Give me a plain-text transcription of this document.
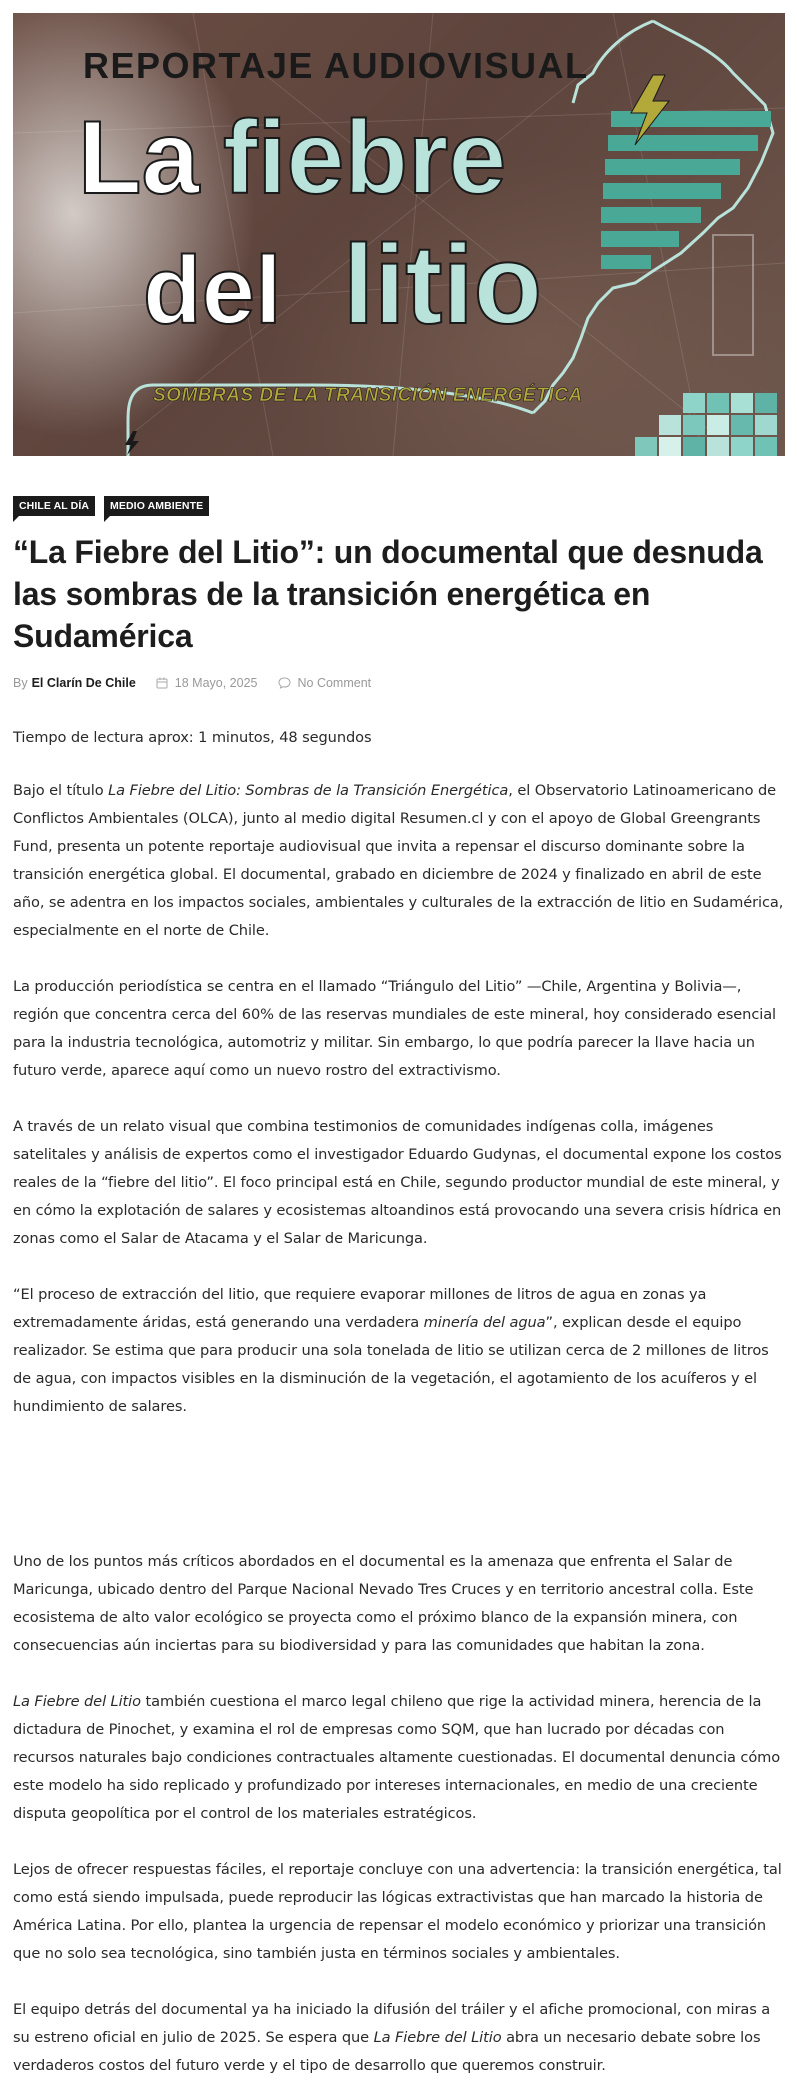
REPORTAJE AUDIOVISUAL
La fiebre
del litio
SOMBRAS DE LA TRANSICIÓN ENERGÉTICA
CHILE AL DÍA	MEDIO AMBIENTE
“La Fiebre del Litio”: un documental que desnuda las sombras de la transición energética en Sudamérica
By El Clarín De Chile	18 Mayo, 2025	No Comment

Tiempo de lectura aprox: 1 minutos, 48 segundos

Bajo el título La Fiebre del Litio: Sombras de la Transición Energética, el Observatorio Latinoamericano de Conflictos Ambientales (OLCA), junto al medio digital Resumen.cl y con el apoyo de Global Greengrants Fund, presenta un potente reportaje audiovisual que invita a repensar el discurso dominante sobre la transición energética global. El documental, grabado en diciembre de 2024 y finalizado en abril de este año, se adentra en los impactos sociales, ambientales y culturales de la extracción de litio en Sudamérica, especialmente en el norte de Chile.

La producción periodística se centra en el llamado “Triángulo del Litio” —Chile, Argentina y Bolivia—, región que concentra cerca del 60% de las reservas mundiales de este mineral, hoy considerado esencial para la industria tecnológica, automotriz y militar. Sin embargo, lo que podría parecer la llave hacia un futuro verde, aparece aquí como un nuevo rostro del extractivismo.

A través de un relato visual que combina testimonios de comunidades indígenas colla, imágenes satelitales y análisis de expertos como el investigador Eduardo Gudynas, el documental expone los costos reales de la “fiebre del litio”. El foco principal está en Chile, segundo productor mundial de este mineral, y en cómo la explotación de salares y ecosistemas altoandinos está provocando una severa crisis hídrica en zonas como el Salar de Atacama y el Salar de Maricunga.

“El proceso de extracción del litio, que requiere evaporar millones de litros de agua en zonas ya extremadamente áridas, está generando una verdadera minería del agua”, explican desde el equipo realizador. Se estima que para producir una sola tonelada de litio se utilizan cerca de 2 millones de litros de agua, con impactos visibles en la disminución de la vegetación, el agotamiento de los acuíferos y el hundimiento de salares.

Uno de los puntos más críticos abordados en el documental es la amenaza que enfrenta el Salar de Maricunga, ubicado dentro del Parque Nacional Nevado Tres Cruces y en territorio ancestral colla. Este ecosistema de alto valor ecológico se proyecta como el próximo blanco de la expansión minera, con consecuencias aún inciertas para su biodiversidad y para las comunidades que habitan la zona.

La Fiebre del Litio también cuestiona el marco legal chileno que rige la actividad minera, herencia de la dictadura de Pinochet, y examina el rol de empresas como SQM, que han lucrado por décadas con recursos naturales bajo condiciones contractuales altamente cuestionadas. El documental denuncia cómo este modelo ha sido replicado y profundizado por intereses internacionales, en medio de una creciente disputa geopolítica por el control de los materiales estratégicos.

Lejos de ofrecer respuestas fáciles, el reportaje concluye con una advertencia: la transición energética, tal como está siendo impulsada, puede reproducir las lógicas extractivistas que han marcado la historia de América Latina. Por ello, plantea la urgencia de repensar el modelo económico y priorizar una transición que no solo sea tecnológica, sino también justa en términos sociales y ambientales.

El equipo detrás del documental ya ha iniciado la difusión del tráiler y el afiche promocional, con miras a su estreno oficial en julio de 2025. Se espera que La Fiebre del Litio abra un necesario debate sobre los verdaderos costos del futuro verde y el tipo de desarrollo que queremos construir.
